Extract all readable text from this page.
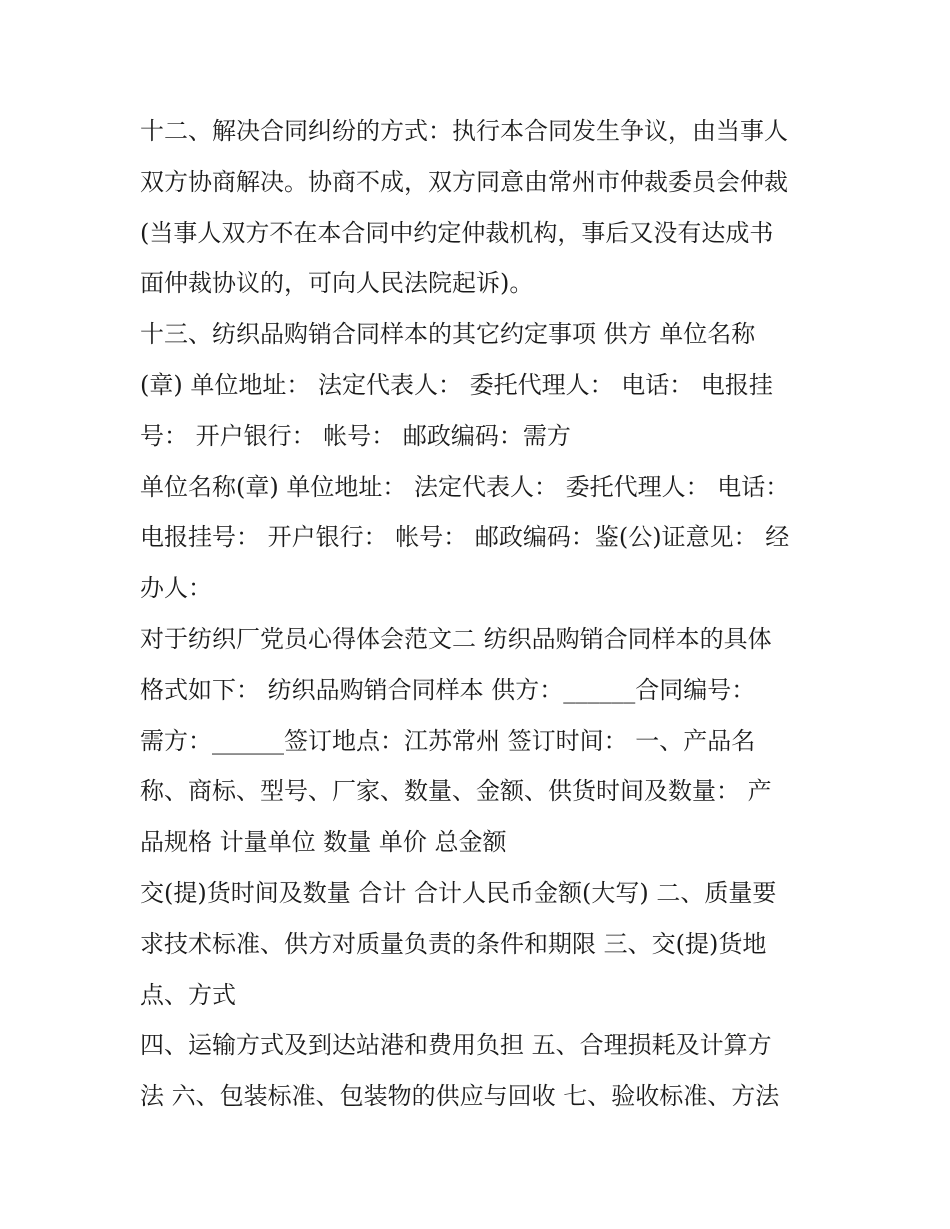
十二、解决合同纠纷的方式：执行本合同发生争议，由当事人
双方协商解决。协商不成，双方同意由常州市仲裁委员会仲裁
(当事人双方不在本合同中约定仲裁机构，事后又没有达成书
面仲裁协议的，可向人民法院起诉)。
十三、纺织品购销合同样本的其它约定事项 供方 单位名称
(章) 单位地址： 法定代表人： 委托代理人： 电话： 电报挂
号： 开户银行： 帐号： 邮政编码：需方
单位名称(章) 单位地址： 法定代表人： 委托代理人： 电话：
电报挂号： 开户银行： 帐号： 邮政编码：鉴(公)证意见： 经
办人：
对于纺织厂党员心得体会范文二 纺织品购销合同样本的具体
格式如下： 纺织品购销合同样本 供方：______合同编号：
需方：______签订地点：江苏常州 签订时间： 一、产品名
称、商标、型号、厂家、数量、金额、供货时间及数量： 产
品规格 计量单位 数量 单价 总金额
交(提)货时间及数量 合计 合计人民币金额(大写) 二、质量要
求技术标准、供方对质量负责的条件和期限 三、交(提)货地
点、方式
四、运输方式及到达站港和费用负担 五、合理损耗及计算方
法 六、包装标准、包装物的供应与回收 七、验收标准、方法
